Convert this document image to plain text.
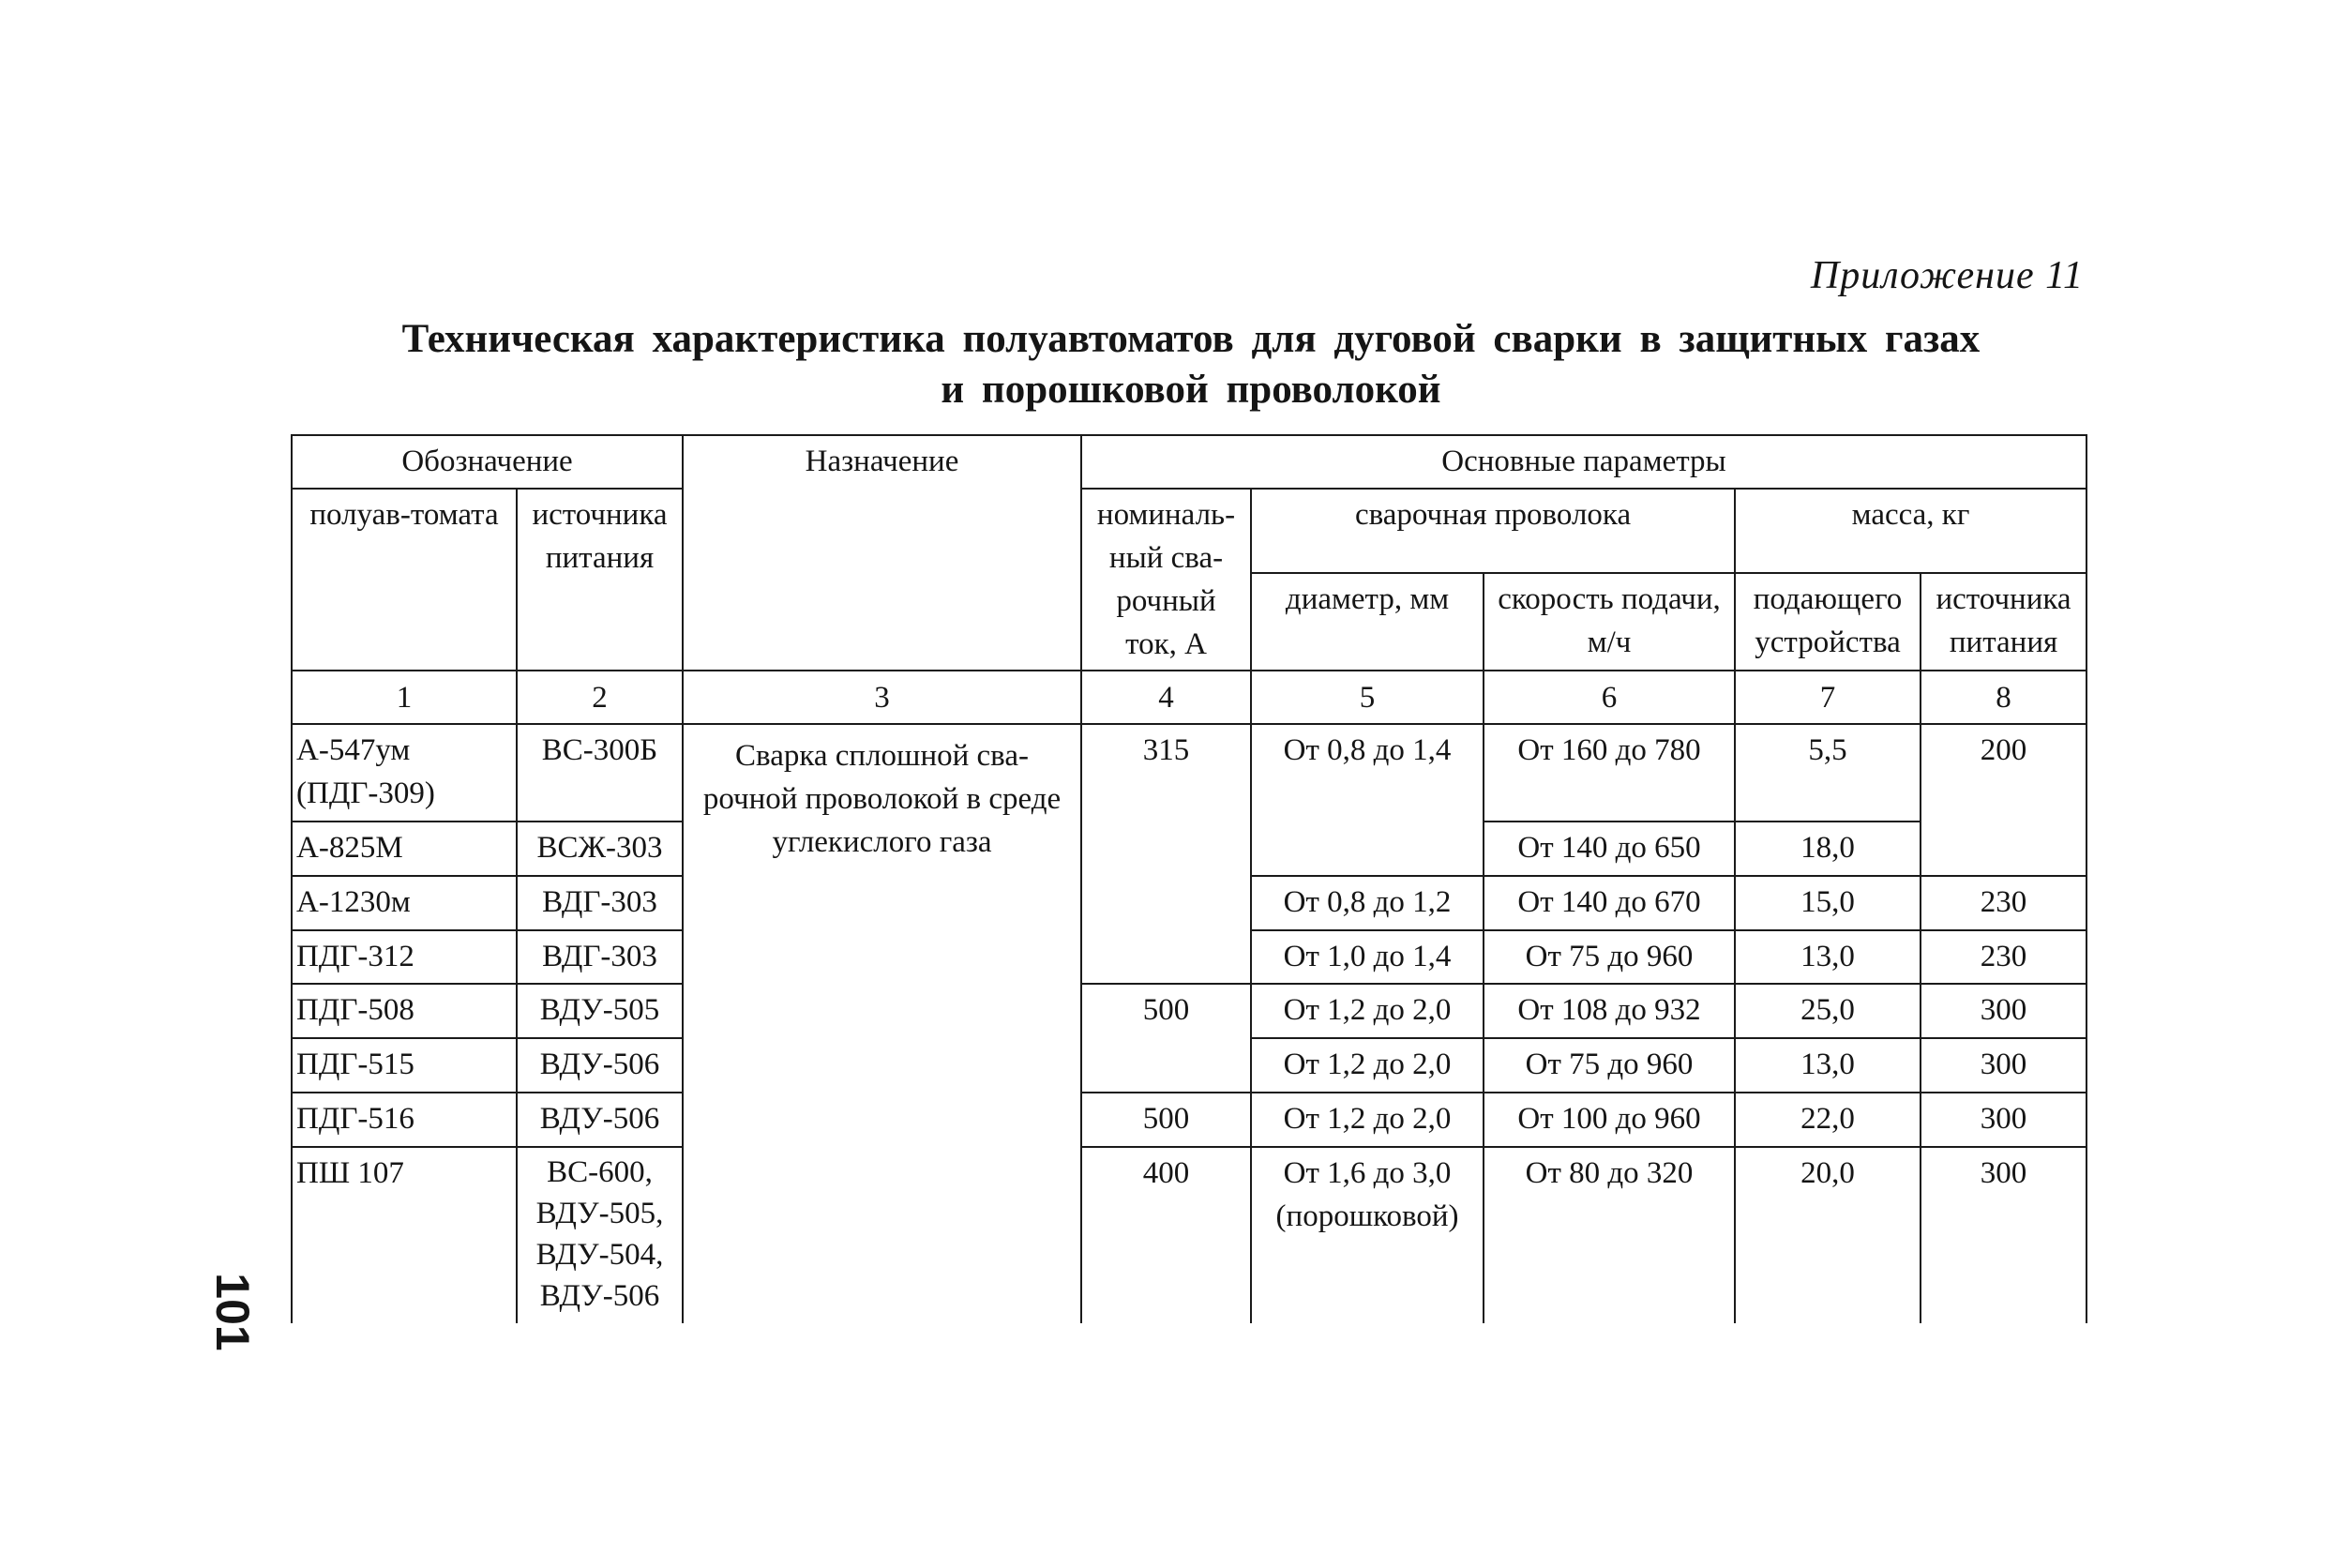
Приложение 11
Техническая характеристика полуавтоматов для дуговой сварки в защитных газах
и порошковой проволокой
101
Обозначение		Назначение	Основные параметры				
полуав-томата	источника питания		номиналь-ный сва-рочный ток, А	сварочная проволока		масса, кг	
				диаметр, мм	скорость подачи, м/ч	подающего устройства	источника питания
1	2	3	4	5	6	7	8
А-547ум (ПДГ-309)	ВС-300Б	Сварка сплошной сва-рочной проволокой в среде углекислого газа	315	От 0,8 до 1,4	От 160 до 780	5,5	200
А-825М	ВСЖ-303				От 140 до 650	18,0	
А-1230м	ВДГ-303			От 0,8 до 1,2	От 140 до 670	15,0	230
ПДГ-312	ВДГ-303			От 1,0 до 1,4	От 75 до 960	13,0	230
ПДГ-508	ВДУ-505		500	От 1,2 до 2,0	От 108 до 932	25,0	300
ПДГ-515	ВДУ-506			От 1,2 до 2,0	От 75 до 960	13,0	300
ПДГ-516	ВДУ-506		500	От 1,2 до 2,0	От 100 до 960	22,0	300
ПШ 107	ВС-600, ВДУ-505, ВДУ-504, ВДУ-506		400	От 1,6 до 3,0 (порошковой)	От 80 до 320	20,0	300
